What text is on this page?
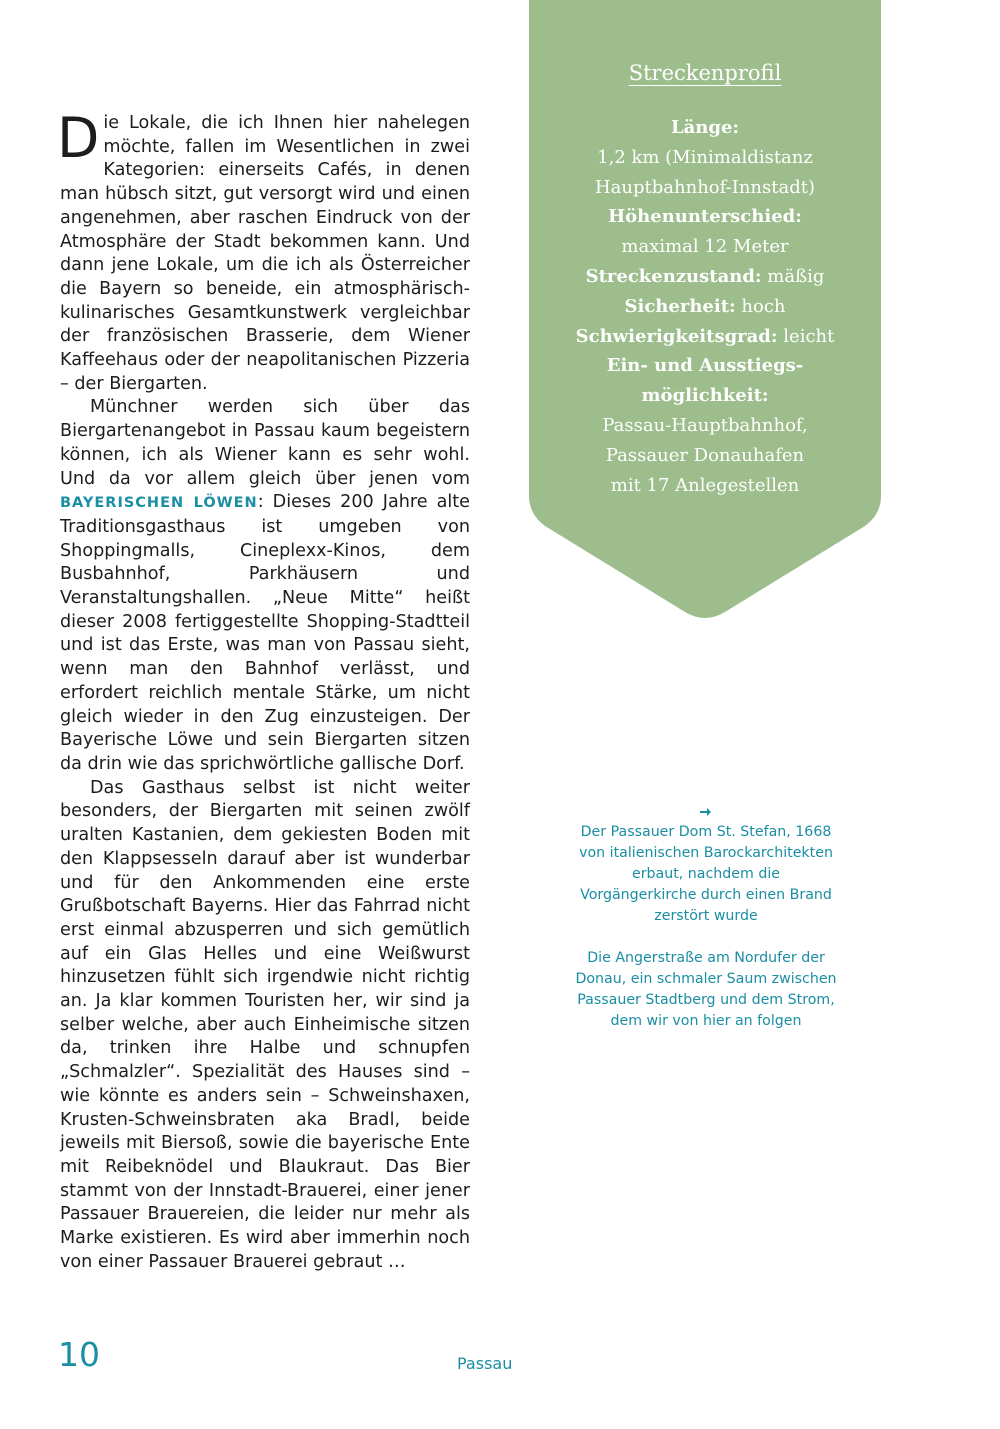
Die Lokale, die ich Ihnen hier nahelegen möchte, fallen im Wesentlichen in zwei Kategorien: einerseits Cafés, in denen man hübsch sitzt, gut versorgt wird und einen angenehmen, aber raschen Eindruck von der Atmosphäre der Stadt bekommen kann. Und dann jene Lokale, um die ich als Österreicher die Bayern so beneide, ein atmosphärisch-kulinarisches Gesamtkunstwerk vergleichbar der französischen Brasserie, dem Wiener Kaffeehaus oder der neapolitanischen Pizzeria – der Biergarten.

Münchner werden sich über das Biergartenangebot in Passau kaum begeistern können, ich als Wiener kann es sehr wohl. Und da vor allem gleich über jenen vom BAYERISCHEN LÖWEN: Dieses 200 Jahre alte Traditionsgasthaus ist umgeben von Shoppingmalls, Cineplexx-Kinos, dem Busbahnhof, Parkhäusern und Veranstaltungshallen. „Neue Mitte“ heißt dieser 2008 fertiggestellte Shopping-Stadtteil und ist das Erste, was man von Passau sieht, wenn man den Bahnhof verlässt, und erfordert reichlich mentale Stärke, um nicht gleich wieder in den Zug einzusteigen. Der Bayerische Löwe und sein Biergarten sitzen da drin wie das sprichwörtliche gallische Dorf.

Das Gasthaus selbst ist nicht weiter besonders, der Biergarten mit seinen zwölf uralten Kastanien, dem gekiesten Boden mit den Klappsesseln darauf aber ist wunderbar und für den Ankommenden eine erste Grußbotschaft Bayerns. Hier das Fahrrad nicht erst einmal abzusperren und sich gemütlich auf ein Glas Helles und eine Weißwurst hinzusetzen fühlt sich irgendwie nicht richtig an. Ja klar kommen Touristen her, wir sind ja selber welche, aber auch Einheimische sitzen da, trinken ihre Halbe und schnupfen „Schmalzler“. Spezialität des Hauses sind – wie könnte es anders sein – Schweinshaxen, Krusten-Schweinsbraten aka Bradl, beide jeweils mit Biersoß, sowie die bayerische Ente mit Reibeknödel und Blaukraut. Das Bier stammt von der Innstadt-Brauerei, einer jener Passauer Brauereien, die leider nur mehr als Marke existieren. Es wird aber immerhin noch von einer Passauer Brauerei gebraut …

Streckenprofil
Länge:
1,2 km (Minimaldistanz
Hauptbahnhof-Innstadt)
Höhenunterschied:
maximal 12 Meter
Streckenzustand: mäßig
Sicherheit: hoch
Schwierigkeitsgrad: leicht
Ein- und Ausstiegs-
möglichkeit:
Passau-Hauptbahnhof,
Passauer Donauhafen
mit 17 Anlegestellen
Der Passauer Dom St. Stefan, 1668 von italienischen Barockarchitekten erbaut, nachdem die Vorgängerkirche durch einen Brand zerstört wurde
Die Angerstraße am Nordufer der Donau, ein schmaler Saum zwischen Passauer Stadtberg und dem Strom, dem wir von hier an folgen
10	Passau
